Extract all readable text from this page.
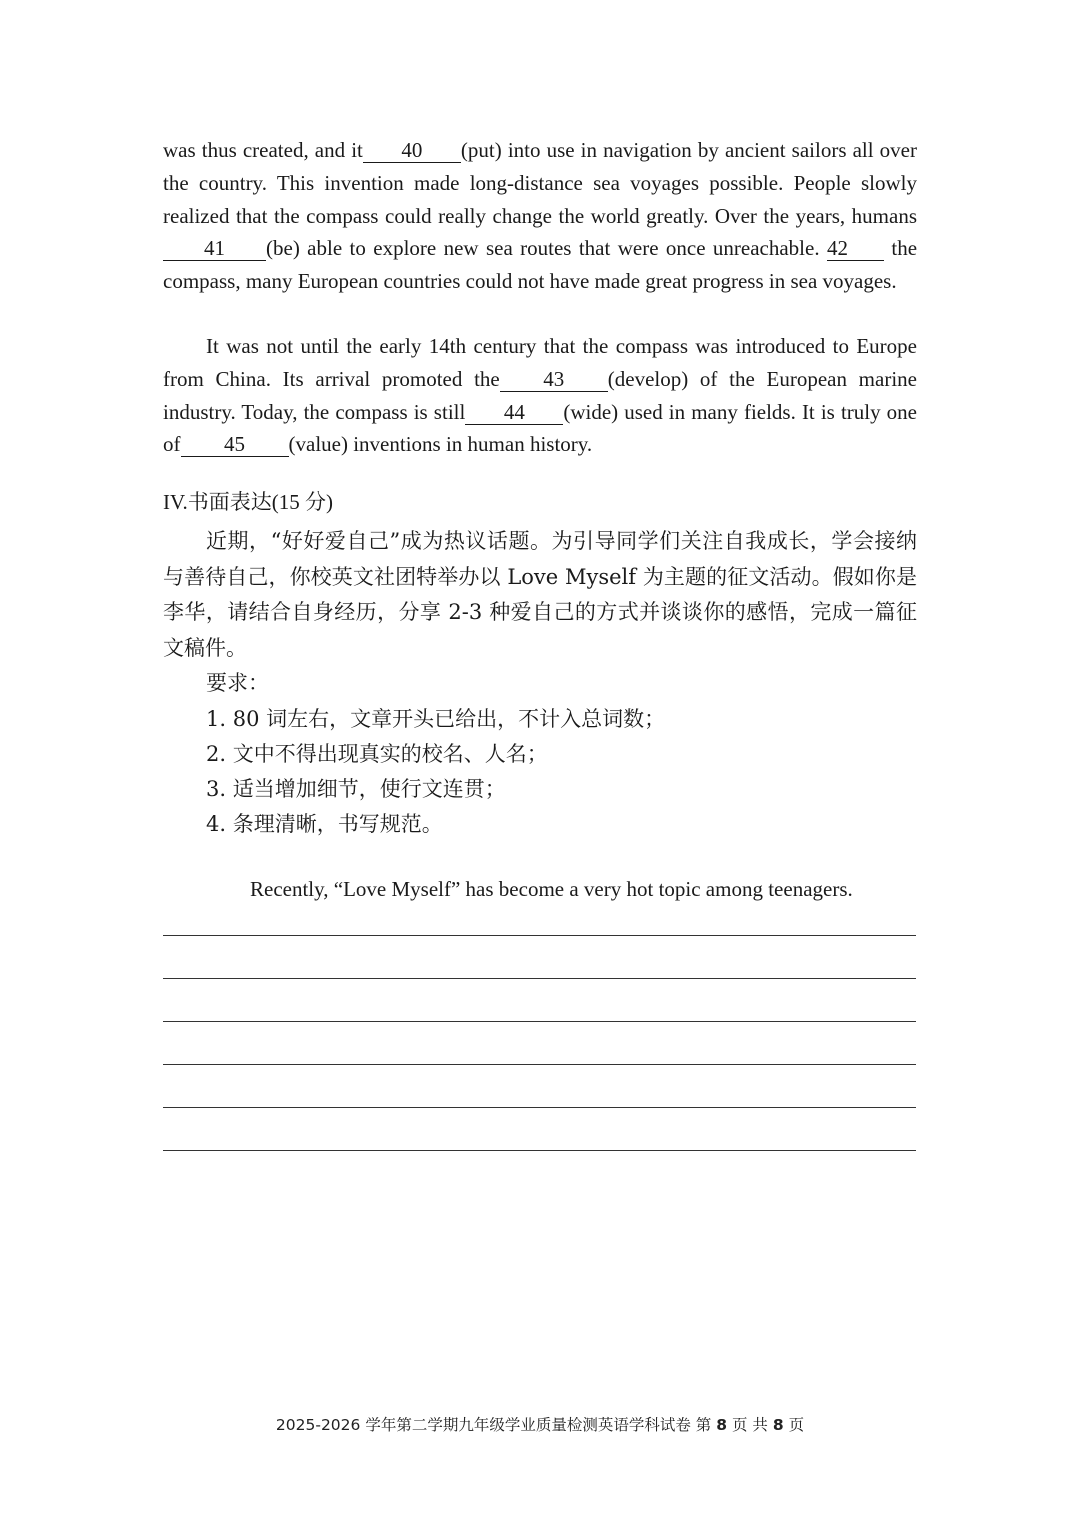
was thus created, and it 40 (put) into use in navigation by ancient sailors all over the country. This invention made long-distance sea voyages possible. People slowly realized that the compass could really change the world greatly. Over the years, humans41 (be) able to explore new sea routes that were once unreachable. 42 the compass, many European countries could not have made great progress in sea voyages.
It was not until the early 14th century that the compass was introduced to Europe from China. Its arrival promoted the 43 (develop) of the European marine industry. Today, the compass is still 44 (wide) used in many fields. It is truly one of 45 (value) inventions in human history.
IV.书面表达(15 分)
近期，“好好爱自己”成为热议话题。为引导同学们关注自我成长，学会接纳与善待自己，你校英文社团特举办以 Love Myself 为主题的征文活动。假如你是李华，请结合自身经历，分享 2-3 种爱自己的方式并谈谈你的感悟，完成一篇征文稿件。
要求：
1. 80 词左右，文章开头已给出，不计入总词数；
2. 文中不得出现真实的校名、人名；
3. 适当增加细节，使行文连贯；
4. 条理清晰，书写规范。
Recently, “Love Myself” has become a very hot topic among teenagers.
2025-2026 学年第二学期九年级学业质量检测英语学科试卷 第 8 页 共 8 页
